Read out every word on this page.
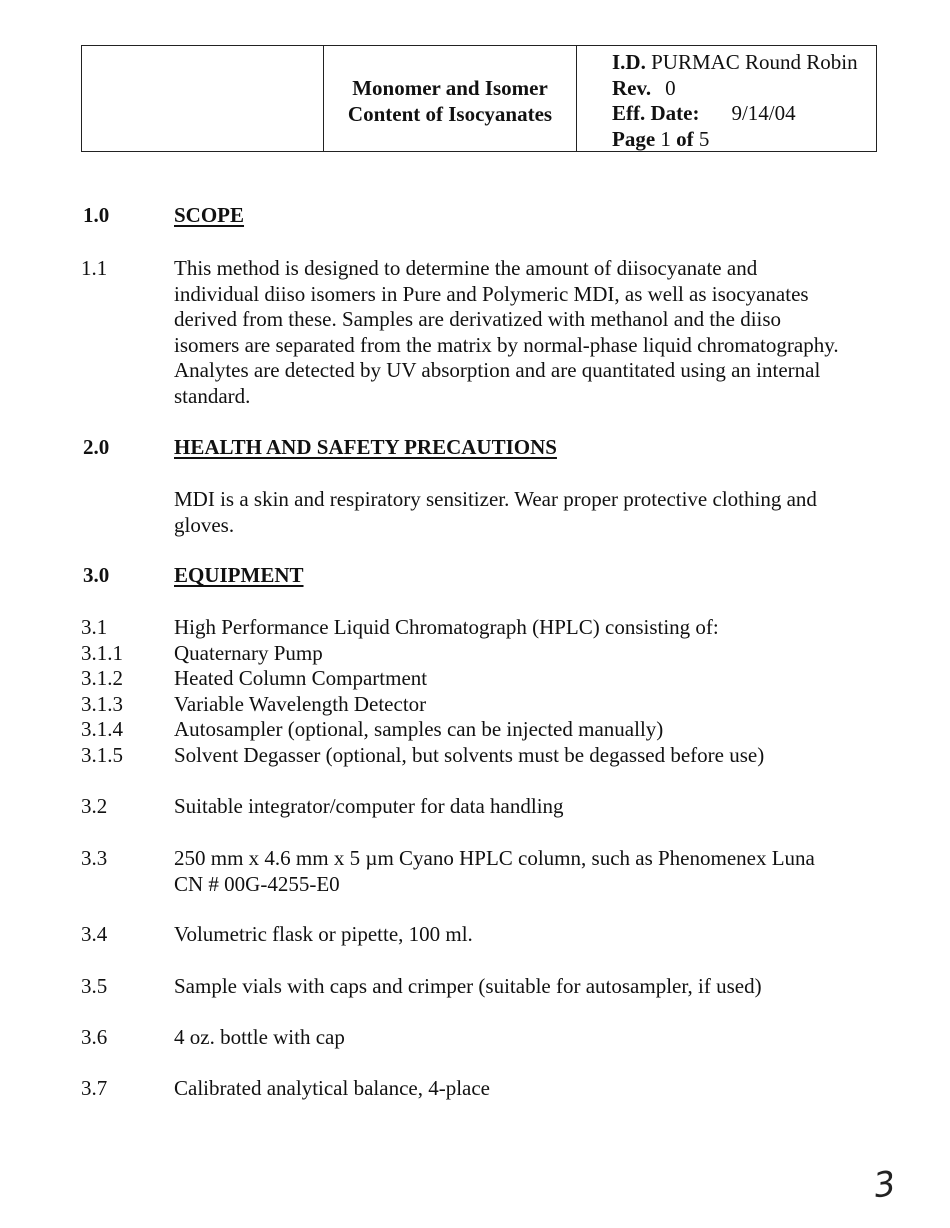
Monomer and Isomer
Content of Isocyanates
I.D. PURMAC Round Robin
Rev. 0
Eff. Date: 9/14/04
Page 1 of 5
1.0	SCOPE
1.1	This method is designed to determine the amount of diisocyanate and
individual diiso isomers in Pure and Polymeric MDI, as well as isocyanates
derived from these. Samples are derivatized with methanol and the diiso
isomers are separated from the matrix by normal-phase liquid chromatography.
Analytes are detected by UV absorption and are quantitated using an internal
standard.
2.0	HEALTH AND SAFETY PRECAUTIONS
MDI is a skin and respiratory sensitizer. Wear proper protective clothing and
gloves.
3.0	EQUIPMENT
3.1	High Performance Liquid Chromatograph (HPLC) consisting of:
3.1.1 Quaternary Pump
3.1.2 Heated Column Compartment
3.1.3 Variable Wavelength Detector
3.1.4 Autosampler (optional, samples can be injected manually)
3.1.5 Solvent Degasser (optional, but solvents must be degassed before use)
3.2	Suitable integrator/computer for data handling
3.3	250 mm x 4.6 mm x 5 µm Cyano HPLC column, such as Phenomenex Luna
CN # 00G-4255-E0
3.4	Volumetric flask or pipette, 100 ml.
3.5	Sample vials with caps and crimper (suitable for autosampler, if used)
3.6	4 oz. bottle with cap
3.7	Calibrated analytical balance, 4-place
3
